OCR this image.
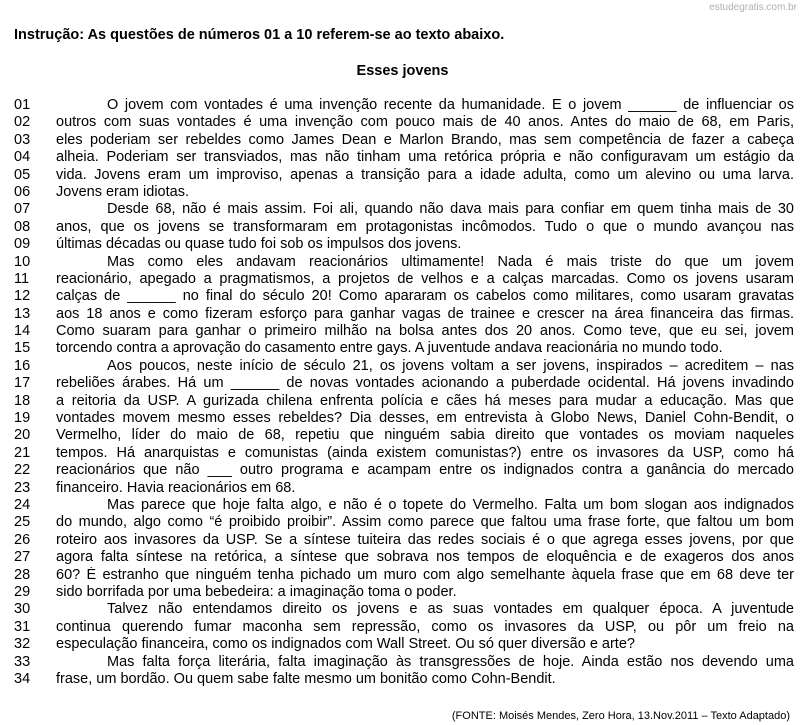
estudegratis.com.br
Instrução: As questões de números 01 a 10 referem-se ao texto abaixo.
Esses jovens
01	O jovem com vontades é uma invenção recente da humanidade. E o jovem ______ de influenciar os
02	outros com suas vontades é uma invenção com pouco mais de 40 anos. Antes do maio de 68, em Paris,
03	eles poderiam ser rebeldes como James Dean e Marlon Brando, mas sem competência de fazer a cabeça
04	alheia. Poderiam ser transviados, mas não tinham uma retórica própria e não configuravam um estágio da
05	vida. Jovens eram um improviso, apenas a transição para a idade adulta, como um alevino ou uma larva.
06	Jovens eram idiotas.
07	Desde 68, não é mais assim. Foi ali, quando não dava mais para confiar em quem tinha mais de 30
08	anos, que os jovens se transformaram em protagonistas incômodos. Tudo o que o mundo avançou nas
09	últimas décadas ou quase tudo foi sob os impulsos dos jovens.
10	Mas como eles andavam reacionários ultimamente! Nada é mais triste do que um jovem
11	reacionário, apegado a pragmatismos, a projetos de velhos e a calças marcadas. Como os jovens usaram
12	calças de ______ no final do século 20! Como apararam os cabelos como militares, como usaram gravatas
13	aos 18 anos e como fizeram esforço para ganhar vagas de trainee e crescer na área financeira das firmas.
14	Como suaram para ganhar o primeiro milhão na bolsa antes dos 20 anos. Como teve, que eu sei, jovem
15	torcendo contra a aprovação do casamento entre gays. A juventude andava reacionária no mundo todo.
16	Aos poucos, neste início de século 21, os jovens voltam a ser jovens, inspirados – acreditem – nas
17	rebeliões árabes. Há um ______ de novas vontades acionando a puberdade ocidental. Há jovens invadindo
18	a reitoria da USP. A gurizada chilena enfrenta polícia e cães há meses para mudar a educação. Mas que
19	vontades movem mesmo esses rebeldes? Dia desses, em entrevista à Globo News, Daniel Cohn-Bendit, o
20	Vermelho, líder do maio de 68, repetiu que ninguém sabia direito que vontades os moviam naqueles
21	tempos. Há anarquistas e comunistas (ainda existem comunistas?) entre os invasores da USP, como há
22	reacionários que não ___ outro programa e acampam entre os indignados contra a ganância do mercado
23	financeiro. Havia reacionários em 68.
24	Mas parece que hoje falta algo, e não é o topete do Vermelho. Falta um bom slogan aos indignados
25	do mundo, algo como “é proibido proibir”. Assim como parece que faltou uma frase forte, que faltou um bom
26	roteiro aos invasores da USP. Se a síntese tuiteira das redes sociais é o que agrega esses jovens, por que
27	agora falta síntese na retórica, a síntese que sobrava nos tempos de eloquência e de exageros dos anos
28	60? É estranho que ninguém tenha pichado um muro com algo semelhante àquela frase que em 68 deve ter
29	sido borrifada por uma bebedeira: a imaginação toma o poder.
30	Talvez não entendamos direito os jovens e as suas vontades em qualquer época. A juventude
31	continua querendo fumar maconha sem repressão, como os invasores da USP, ou pôr um freio na
32	especulação financeira, como os indignados com Wall Street. Ou só quer diversão e arte?
33	Mas falta força literária, falta imaginação às transgressões de hoje. Ainda estão nos devendo uma
34	frase, um bordão. Ou quem sabe falte mesmo um bonitão como Cohn-Bendit.
(FONTE: Moisés Mendes, Zero Hora, 13.Nov.2011 – Texto Adaptado)
